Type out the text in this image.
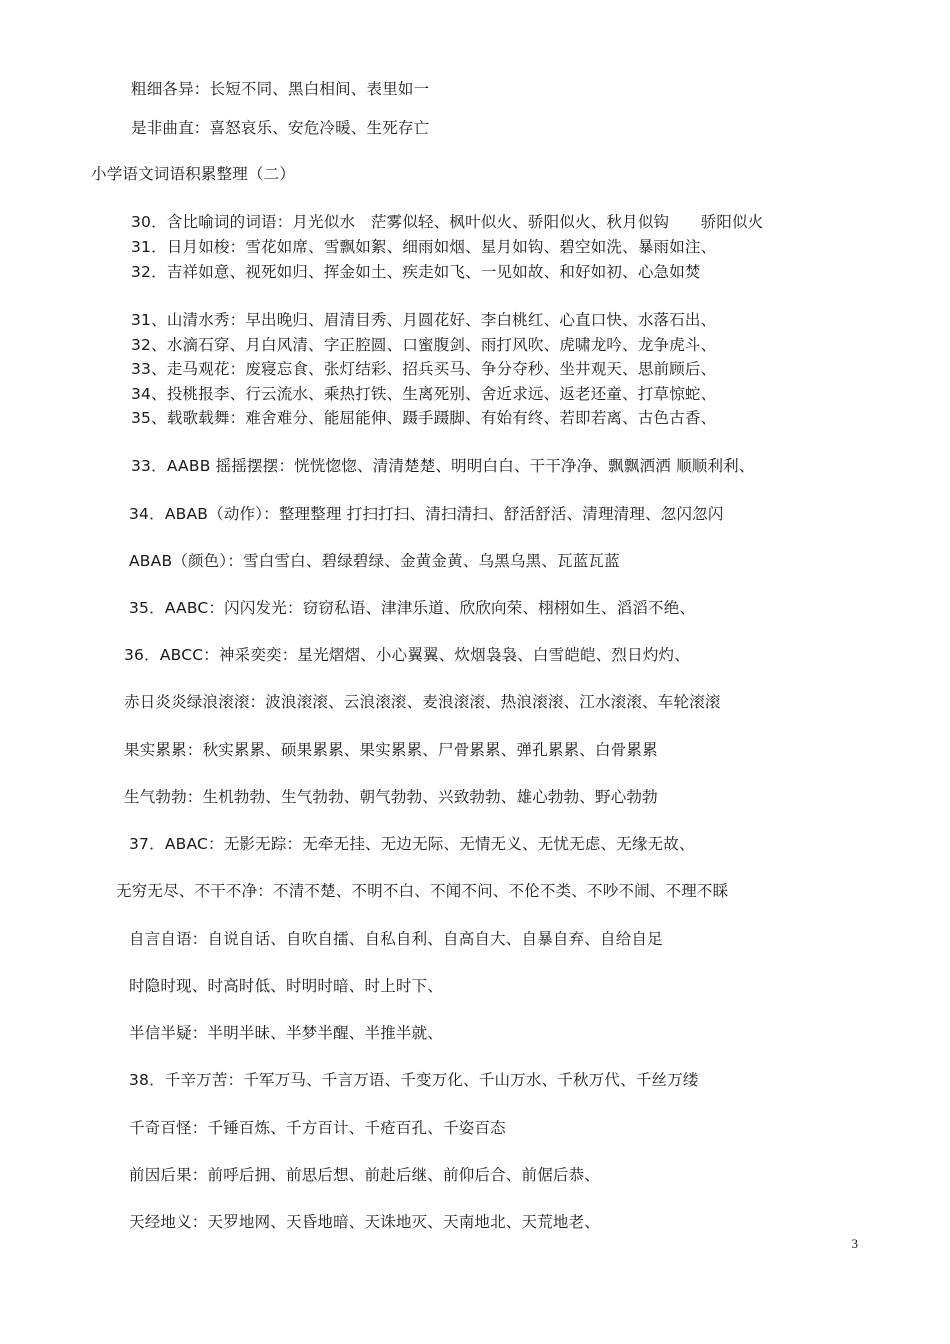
粗细各异：长短不同、黑白相间、表里如一
是非曲直：喜怒哀乐、安危冷暖、生死存亡
小学语文词语积累整理（二）
30．含比喻词的词语：月光似水　茫雾似轻、枫叶似火、骄阳似火、秋月似钩　　骄阳似火
31．日月如梭：雪花如席、雪飘如絮、细雨如烟、星月如钩、碧空如洗、暴雨如注、
32．吉祥如意、视死如归、挥金如土、疾走如飞、一见如故、和好如初、心急如焚
31、山清水秀：早出晚归、眉清目秀、月圆花好、李白桃红、心直口快、水落石出、
32、水滴石穿、月白风清、字正腔圆、口蜜腹剑、雨打风吹、虎啸龙吟、龙争虎斗、
33、走马观花：废寝忘食、张灯结彩、招兵买马、争分夺秒、坐井观天、思前顾后、
34、投桃报李、行云流水、乘热打铁、生离死别、舍近求远、返老还童、打草惊蛇、
35、载歌载舞：难舍难分、能屈能伸、蹑手蹑脚、有始有终、若即若离、古色古香、
33．AABB 摇摇摆摆：恍恍惚惚、清清楚楚、明明白白、干干净净、飘飘洒洒 顺顺利利、
34．ABAB（动作）：整理整理 打扫打扫、清扫清扫、舒活舒活、清理清理、忽闪忽闪
ABAB（颜色）：雪白雪白、碧绿碧绿、金黄金黄、乌黑乌黑、瓦蓝瓦蓝
35．AABC：闪闪发光：窃窃私语、津津乐道、欣欣向荣、栩栩如生、滔滔不绝、
36．ABCC：神采奕奕：星光熠熠、小心翼翼、炊烟袅袅、白雪皑皑、烈日灼灼、
赤日炎炎绿浪滚滚：波浪滚滚、云浪滚滚、麦浪滚滚、热浪滚滚、江水滚滚、车轮滚滚
果实累累：秋实累累、硕果累累、果实累累、尸骨累累、弹孔累累、白骨累累
生气勃勃：生机勃勃、生气勃勃、朝气勃勃、兴致勃勃、雄心勃勃、野心勃勃
37．ABAC：无影无踪：无牵无挂、无边无际、无情无义、无忧无虑、无缘无故、
无穷无尽、不干不净：不清不楚、不明不白、不闻不问、不伦不类、不吵不闹、不理不睬
自言自语：自说自话、自吹自擂、自私自利、自高自大、自暴自弃、自给自足
时隐时现、时高时低、时明时暗、时上时下、
半信半疑：半明半昧、半梦半醒、半推半就、
38．千辛万苦：千军万马、千言万语、千变万化、千山万水、千秋万代、千丝万缕
千奇百怪：千锤百炼、千方百计、千疮百孔、千姿百态
前因后果：前呼后拥、前思后想、前赴后继、前仰后合、前倨后恭、
天经地义：天罗地网、天昏地暗、天诛地灭、天南地北、天荒地老、
3
